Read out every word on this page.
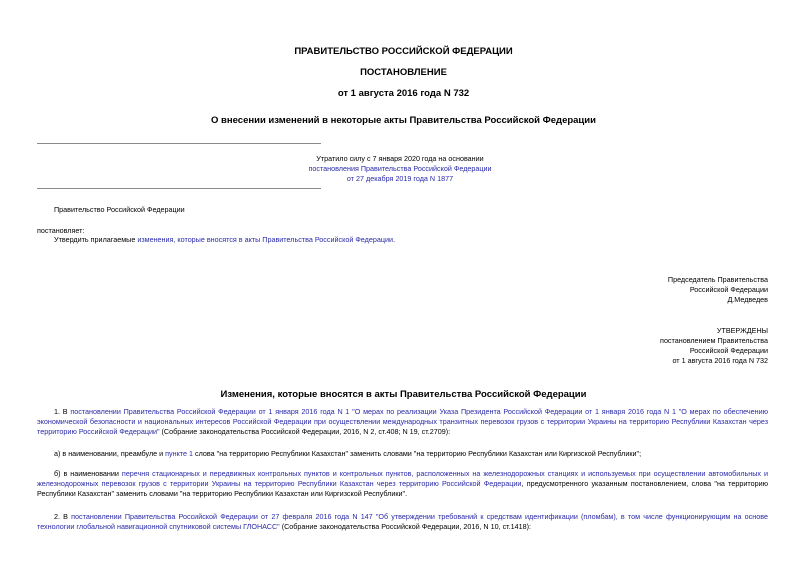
ПРАВИТЕЛЬСТВО РОССИЙСКОЙ ФЕДЕРАЦИИ
ПОСТАНОВЛЕНИЕ
от 1 августа 2016 года N 732
О внесении изменений в некоторые акты Правительства Российской Федерации
Утратило силу с 7 января 2020 года на основании
постановления Правительства Российской Федерации
от 27 декабря 2019 года N 1877
Правительство Российской Федерации
постановляет:
Утвердить прилагаемые изменения, которые вносятся в акты Правительства Российской Федерации.
Председатель Правительства
Российской Федерации
Д.Медведев
УТВЕРЖДЕНЫ
постановлением Правительства
Российской Федерации
от 1 августа 2016 года N 732
Изменения, которые вносятся в акты Правительства Российской Федерации

1. В постановлении Правительства Российской Федерации от 1 января 2016 года N 1 "О мерах по реализации Указа Президента Российской Федерации от 1 января 2016 года N 1 "О мерах по обеспечению экономической безопасности и национальных интересов Российской Федерации при осуществлении международных транзитных перевозок грузов с территории Украины на территорию Республики Казахстан через территорию Российской Федерации" (Собрание законодательства Российской Федерации, 2016, N 2, ст.408; N 19, ст.2709):

а) в наименовании, преамбуле и пункте 1 слова "на территорию Республики Казахстан" заменить словами "на территорию Республики Казахстан или Киргизской Республики";

б) в наименовании перечня стационарных и передвижных контрольных пунктов и контрольных пунктов, расположенных на железнодорожных станциях и используемых при осуществлении автомобильных и железнодорожных перевозок грузов с территории Украины на территорию Республики Казахстан через территорию Российской Федерации, предусмотренного указанным постановлением, слова "на территорию Республики Казахстан" заменить словами "на территорию Республики Казахстан или Киргизской Республики".

2. В постановлении Правительства Российской Федерации от 27 февраля 2016 года N 147 "Об утверждении требований к средствам идентификации (пломбам), в том числе функционирующим на основе технологии глобальной навигационной спутниковой системы ГЛОНАСС" (Собрание законодательства Российской Федерации, 2016, N 10, ст.1418):
